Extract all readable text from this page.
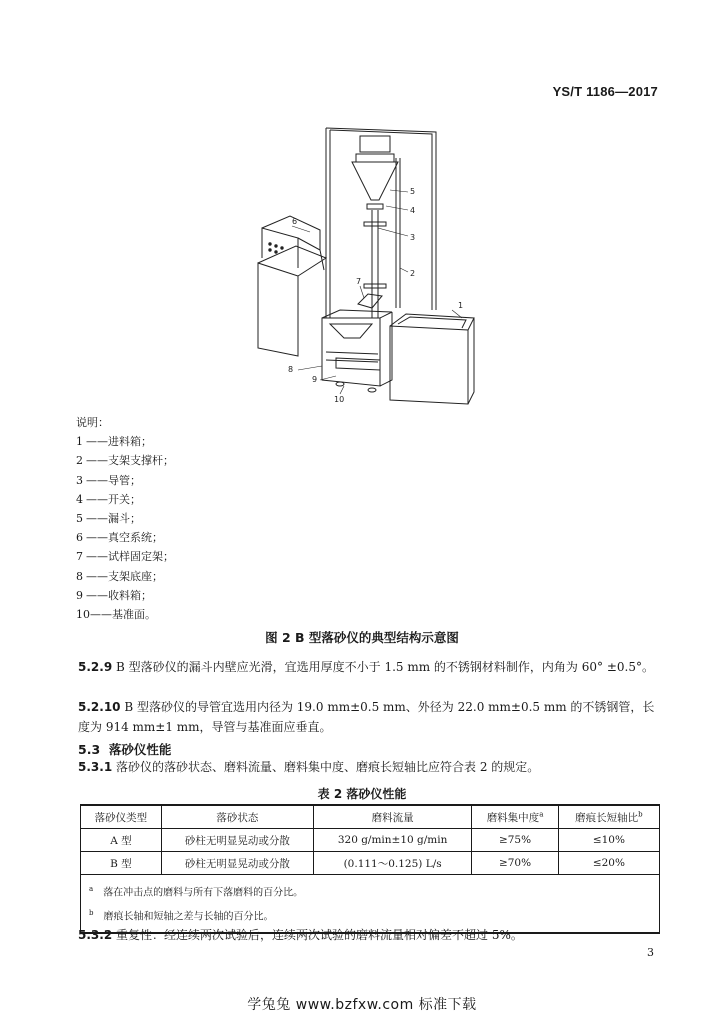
YS/T 1186—2017
5
4
3
2
6
7
8
9
10
1
说明：
1 ——进料箱；
2 ——支架支撑杆；
3 ——导管；
4 ——开关；
5 ——漏斗；
6 ——真空系统；
7 ——试样固定架；
8 ——支架底座；
9 ——收料箱；
10——基准面。
图 2 B 型落砂仪的典型结构示意图
5.2.9 B 型落砂仪的漏斗内壁应光滑，宜选用厚度不小于 1.5 mm 的不锈钢材料制作，内角为 60° ±0.5°。
5.2.10 B 型落砂仪的导管宜选用内径为 19.0 mm±0.5 mm、外径为 22.0 mm±0.5 mm 的不锈钢管，长度为 914 mm±1 mm，导管与基准面应垂直。
5.3 落砂仪性能
5.3.1 落砂仪的落砂状态、磨料流量、磨料集中度、磨痕长短轴比应符合表 2 的规定。
表 2 落砂仪性能
落砂仪类型	落砂状态	磨料流量	磨料集中度$^a$	磨痕长短轴比$^b$
A 型	砂柱无明显晃动或分散	320 g/min±10 g/min	≥75%	≤10%
B 型	砂柱无明显晃动或分散	(0.111～0.125) L/s	≥70%	≤20%

$^a$ 落在冲击点的磨料与所有下落磨料的百分比。
$^b$ 磨痕长轴和短轴之差与长轴的百分比。				
5.3.2 重复性：经连续两次试验后，连续两次试验的磨料流量相对偏差不超过 5%。
3
学兔兔 www.bzfxw.com 标准下载
